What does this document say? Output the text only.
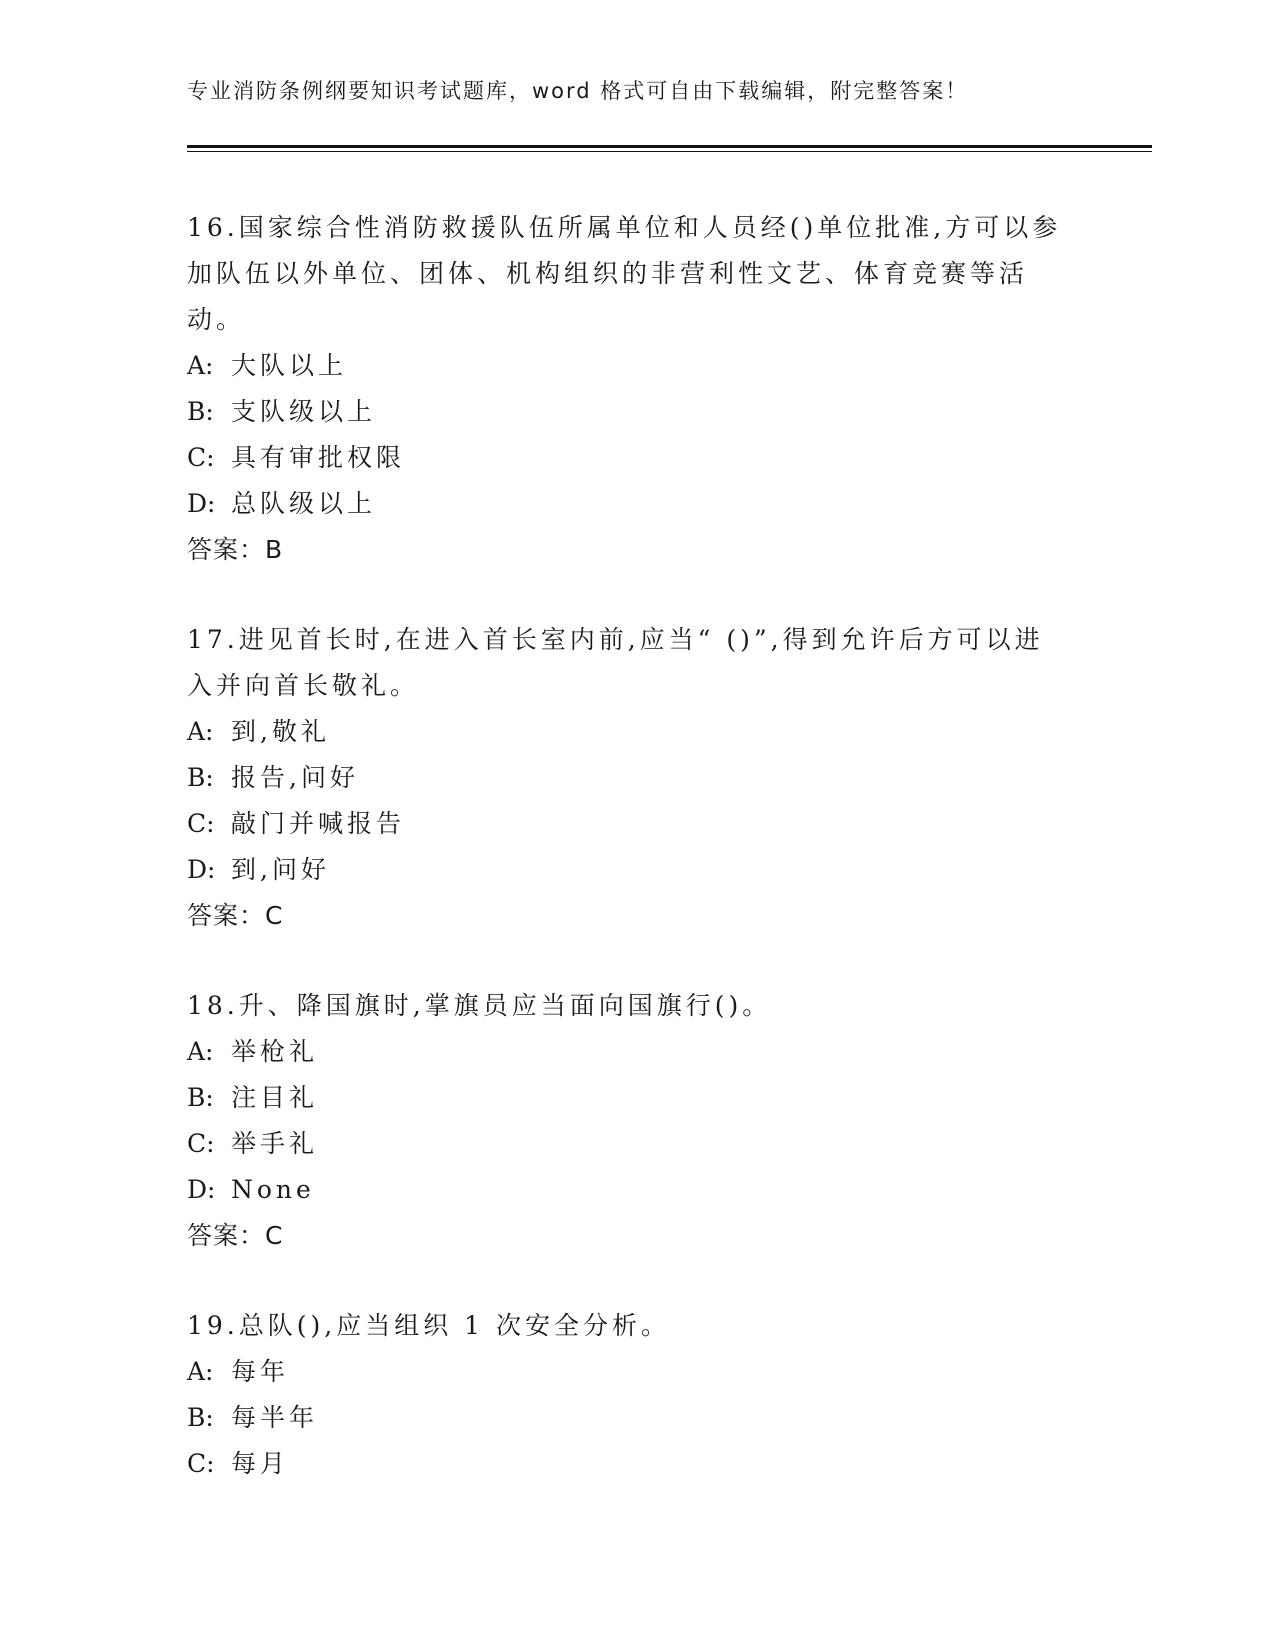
专业消防条例纲要知识考试题库，word 格式可自由下载编辑，附完整答案！

16.国家综合性消防救援队伍所属单位和人员经()单位批准,方可以参加队伍以外单位、团体、机构组织的非营利性文艺、体育竞赛等活动。

A: 大队以上

B: 支队级以上

C: 具有审批权限

D: 总队级以上

答案：B

17.进见首长时,在进入首长室内前,应当“ ()”,得到允许后方可以进入并向首长敬礼。

A: 到,敬礼

B: 报告,问好

C: 敲门并喊报告

D: 到,问好

答案：C

18.升、降国旗时,掌旗员应当面向国旗行()。

A: 举枪礼

B: 注目礼

C: 举手礼

D: None

答案：C

19.总队(),应当组织 1 次安全分析。

A: 每年

B: 每半年

C: 每月
